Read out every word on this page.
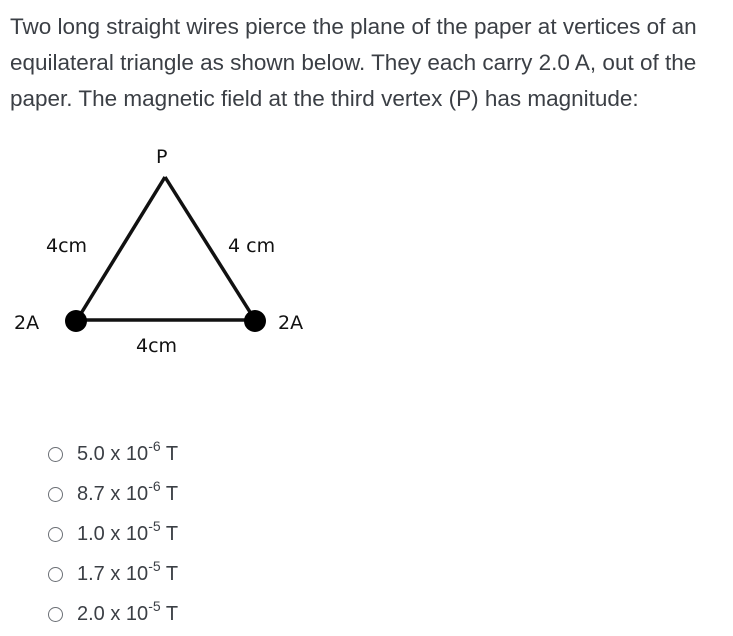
Two long straight wires pierce the plane of the paper at vertices of an equilateral triangle as shown below. They each carry 2.0 A, out of the paper. The magnetic field at the third vertex (P) has magnitude:

P
4cm	4 cm
4cm
2A	2A
5.0 x $10^{-6}$ T
8.7 x $10^{-6}$ T
1.0 x $10^{-5}$ T
1.7 x $10^{-5}$ T
2.0 x $10^{-5}$ T
